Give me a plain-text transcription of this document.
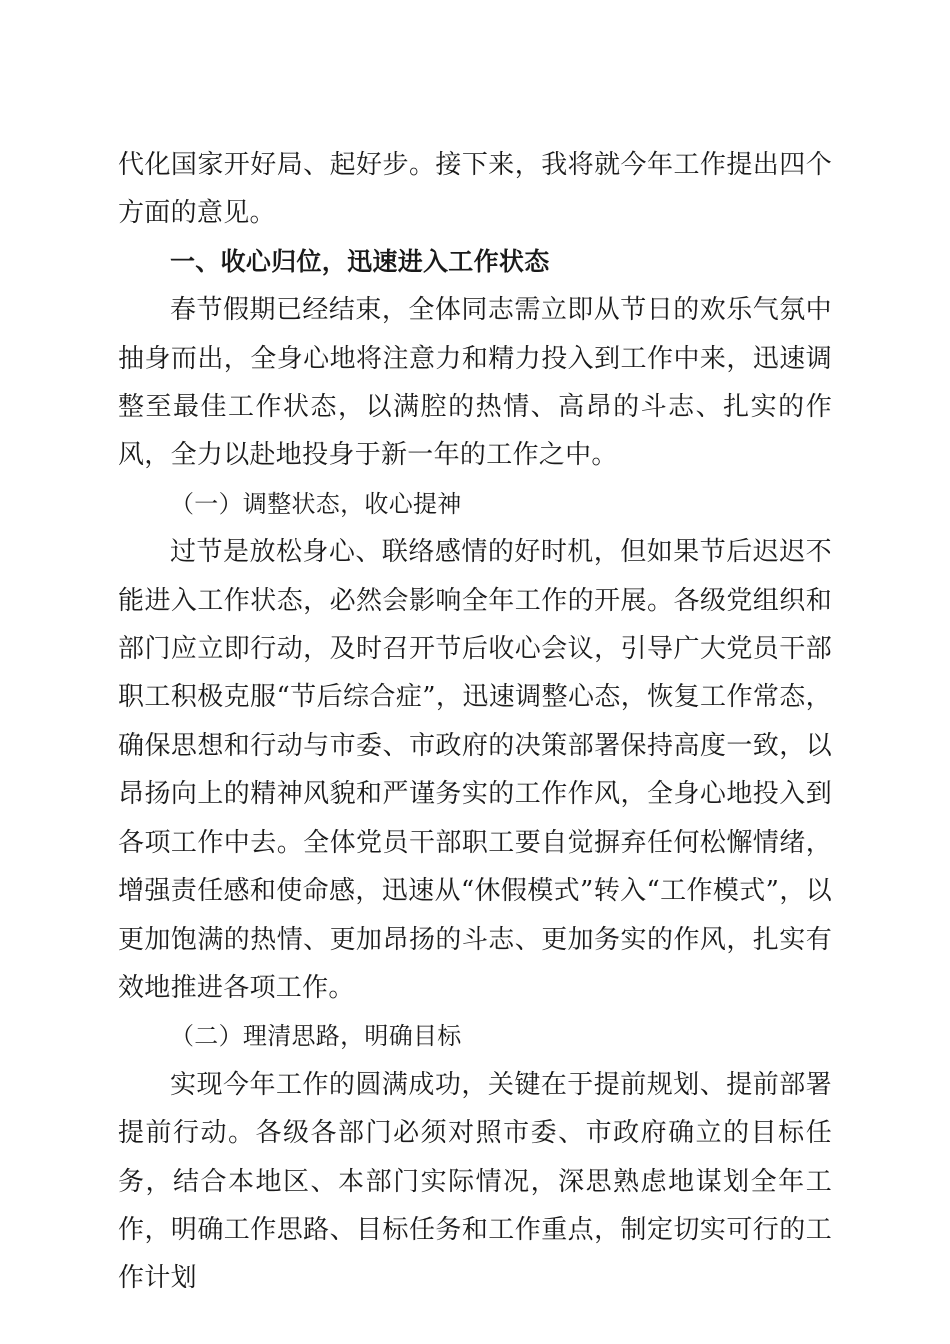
代化国家开好局、起好步。接下来，我将就今年工作提出四个方面的意见。

一、收心归位，迅速进入工作状态

春节假期已经结束，全体同志需立即从节日的欢乐气氛中抽身而出，全身心地将注意力和精力投入到工作中来，迅速调整至最佳工作状态，以满腔的热情、高昂的斗志、扎实的作风，全力以赴地投身于新一年的工作之中。

（一）调整状态，收心提神

过节是放松身心、联络感情的好时机，但如果节后迟迟不能进入工作状态，必然会影响全年工作的开展。各级党组织和部门应立即行动，及时召开节后收心会议，引导广大党员干部职工积极克服“节后综合症”，迅速调整心态，恢复工作常态，确保思想和行动与市委、市政府的决策部署保持高度一致，以昂扬向上的精神风貌和严谨务实的工作作风，全身心地投入到各项工作中去。全体党员干部职工要自觉摒弃任何松懈情绪，增强责任感和使命感，迅速从“休假模式”转入“工作模式”，以更加饱满的热情、更加昂扬的斗志、更加务实的作风，扎实有效地推进各项工作。

（二）理清思路，明确目标

实现今年工作的圆满成功，关键在于提前规划、提前部署提前行动。各级各部门必须对照市委、市政府确立的目标任务，结合本地区、本部门实际情况，深思熟虑地谋划全年工作，明确工作思路、目标任务和工作重点，制定切实可行的工作计划
